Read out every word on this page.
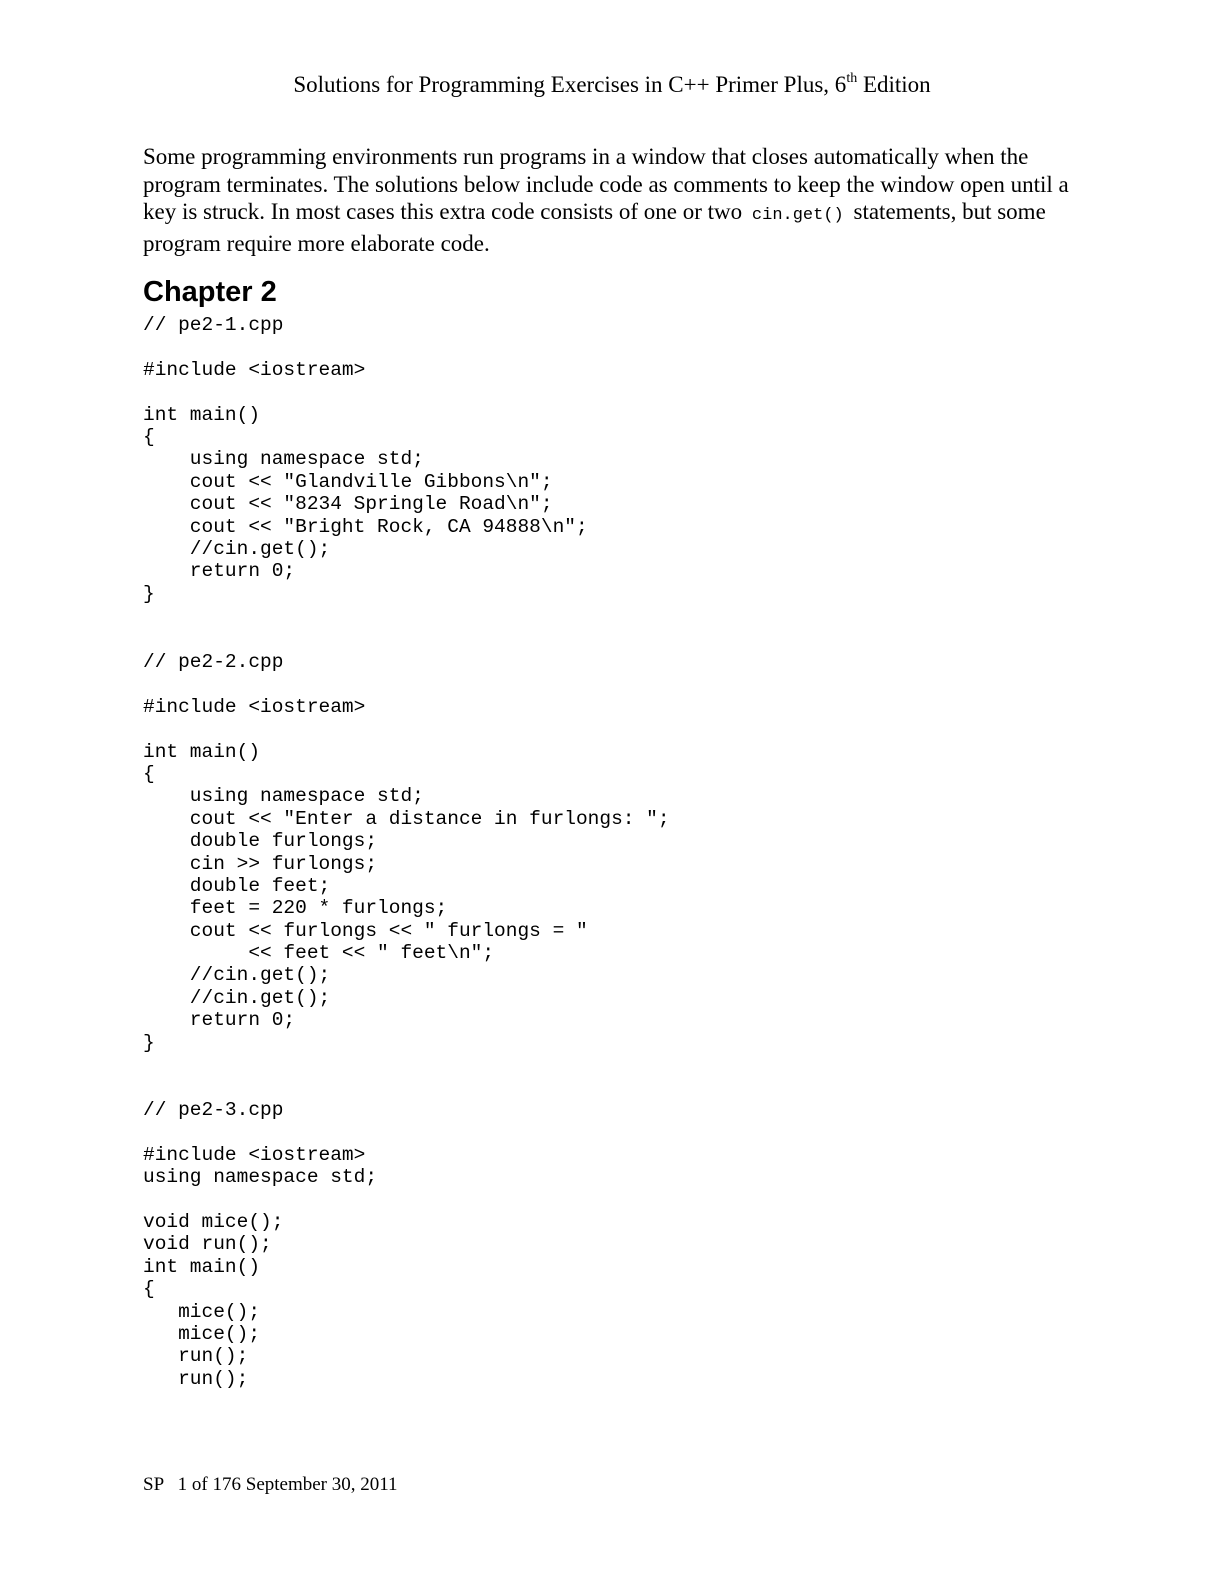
Solutions for Programming Exercises in C++ Primer Plus, 6th Edition

Some programming environments run programs in a window that closes automatically when the program terminates. The solutions below include code as comments to keep the window open until a key is struck. In most cases this extra code consists of one or two cin.get() statements, but some program require more elaborate code.

Chapter 2
// pe2-1.cpp
#include <iostream>
int main()
{
using namespace std;
cout << "Glandville Gibbons\n";
cout << "8234 Springle Road\n";
cout << "Bright Rock, CA 94888\n";
//cin.get();
return 0;
}
// pe2-2.cpp
#include <iostream>
int main()
{
using namespace std;
cout << "Enter a distance in furlongs: ";
double furlongs;
cin >> furlongs;
double feet;
feet = 220 * furlongs;
cout << furlongs << " furlongs = "
<< feet << " feet\n";
//cin.get();
//cin.get();
return 0;
}
// pe2-3.cpp
#include <iostream>
using namespace std;
void mice();
void run();
int main()
{
mice();
mice();
run();
run();
SP   1 of 176 September 30, 2011
